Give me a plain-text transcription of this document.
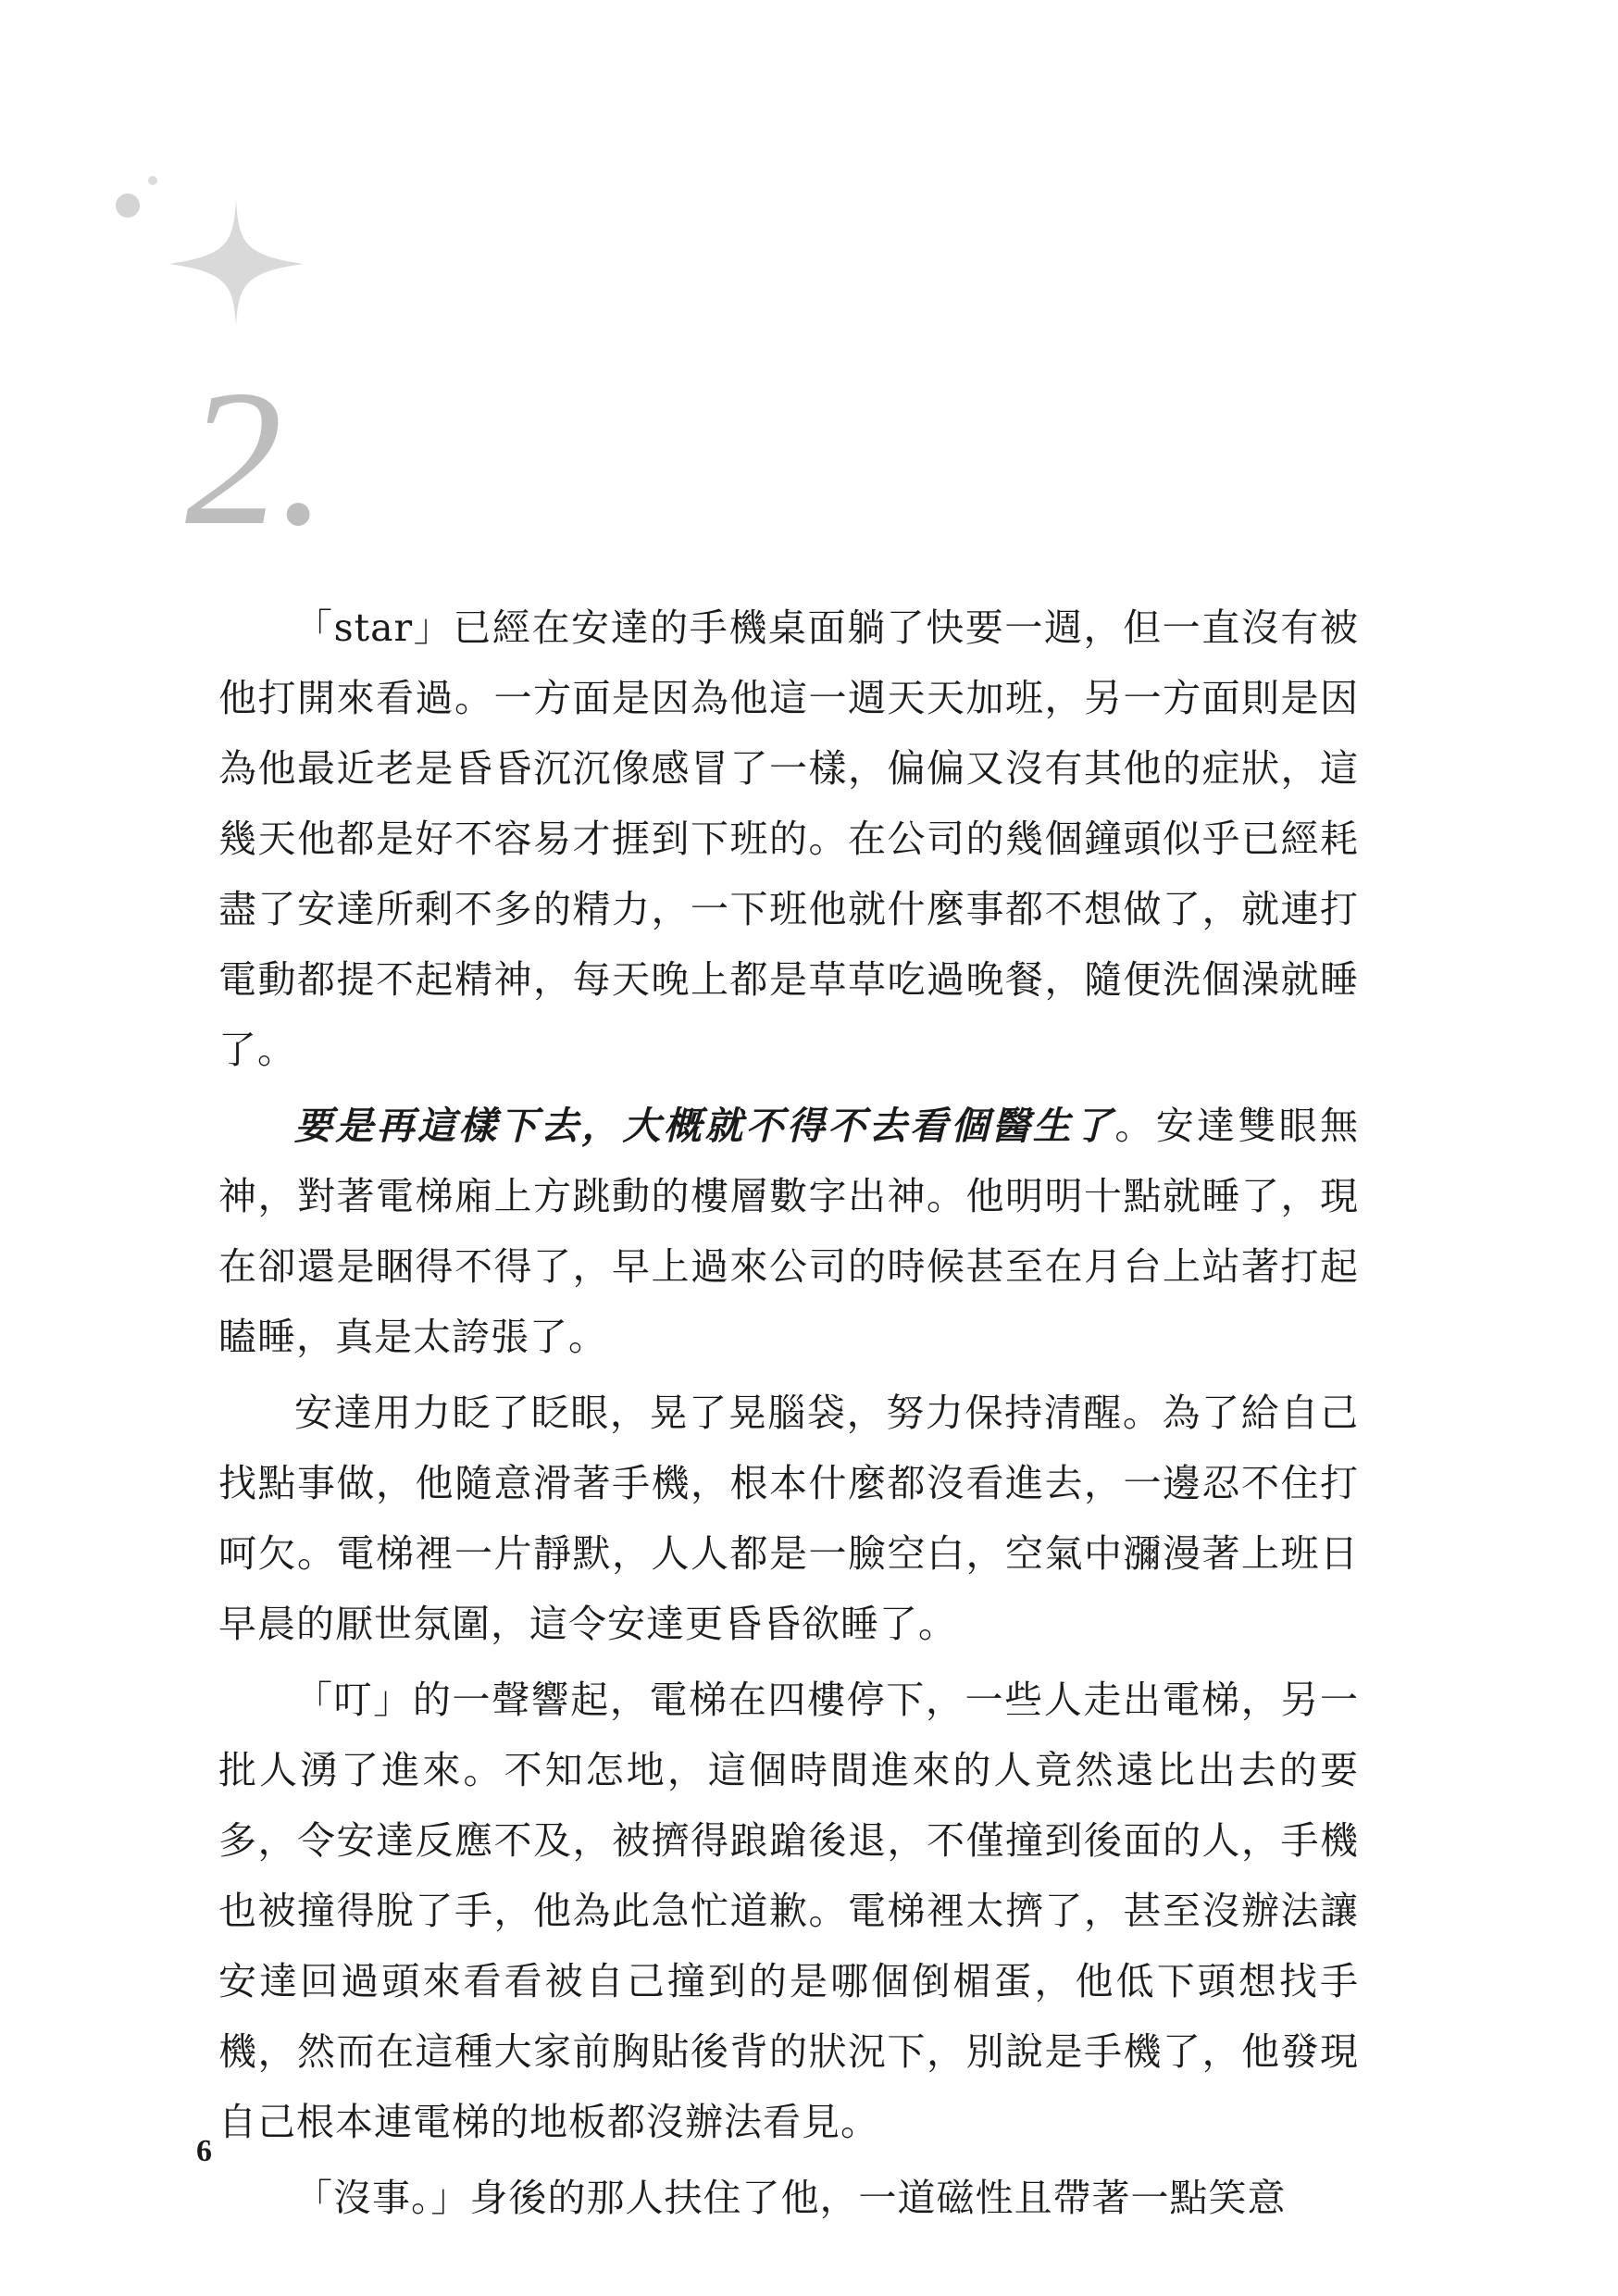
2.

「star」已經在安達的手機桌面躺了快要一週，但一直沒有被他打開來看過。一方面是因為他這一週天天加班，另一方面則是因為他最近老是昏昏沉沉像感冒了一樣，偏偏又沒有其他的症狀，這幾天他都是好不容易才捱到下班的。在公司的幾個鐘頭似乎已經耗盡了安達所剩不多的精力，一下班他就什麼事都不想做了，就連打電動都提不起精神，每天晚上都是草草吃過晚餐，隨便洗個澡就睡了。

要是再這樣下去，大概就不得不去看個醫生了。安達雙眼無神，對著電梯廂上方跳動的樓層數字出神。他明明十點就睡了，現在卻還是睏得不得了，早上過來公司的時候甚至在月台上站著打起瞌睡，真是太誇張了。

安達用力眨了眨眼，晃了晃腦袋，努力保持清醒。為了給自己找點事做，他隨意滑著手機，根本什麼都沒看進去，一邊忍不住打呵欠。電梯裡一片靜默，人人都是一臉空白，空氣中瀰漫著上班日早晨的厭世氛圍，這令安達更昏昏欲睡了。

「叮」的一聲響起，電梯在四樓停下，一些人走出電梯，另一批人湧了進來。不知怎地，這個時間進來的人竟然遠比出去的要多，令安達反應不及，被擠得踉蹌後退，不僅撞到後面的人，手機也被撞得脫了手，他為此急忙道歉。電梯裡太擠了，甚至沒辦法讓安達回過頭來看看被自己撞到的是哪個倒楣蛋，他低下頭想找手機，然而在這種大家前胸貼後背的狀況下，別說是手機了，他發現自己根本連電梯的地板都沒辦法看見。

「沒事。」身後的那人扶住了他，一道磁性且帶著一點笑意

6
